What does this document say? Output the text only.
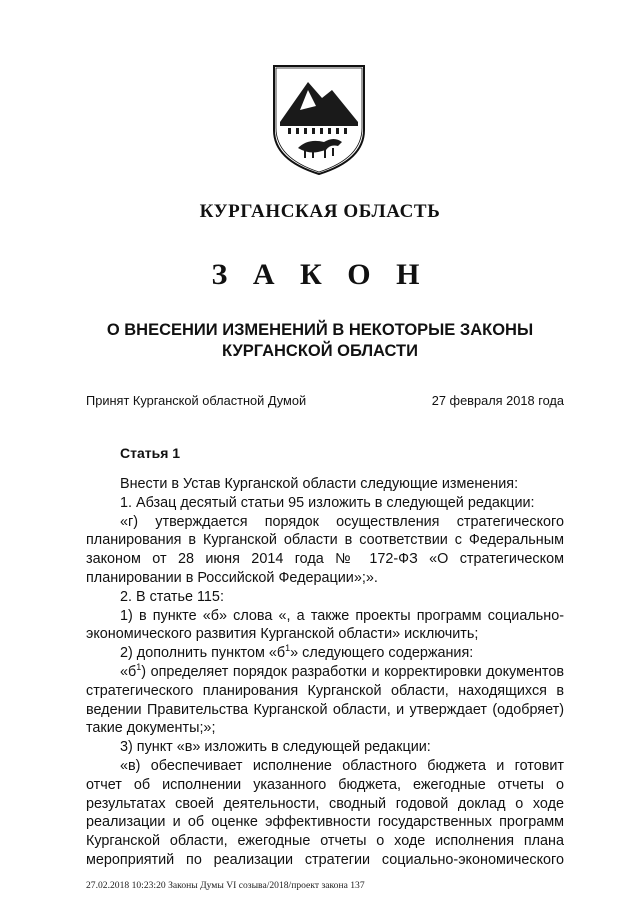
КУРГАНСКАЯ ОБЛАСТЬ
З А К О Н
О ВНЕСЕНИИ ИЗМЕНЕНИЙ В НЕКОТОРЫЕ ЗАКОНЫ КУРГАНСКОЙ ОБЛАСТИ
Принят Курганской областной Думой	27 февраля 2018 года
Статья 1

Внести в Устав Курганской области следующие изменения:

1. Абзац десятый статьи 95 изложить в следующей редакции:

«г) утверждается порядок осуществления стратегического планирования в Курганской области в соответствии с Федеральным законом от 28 июня 2014 года № 172-ФЗ «О стратегическом планировании в Российской Федерации»;».

2. В статье 115:

1) в пункте «б» слова «, а также проекты программ социально-экономического развития Курганской области» исключить;

2) дополнить пунктом «$б^1$» следующего содержания:

«$б^1$) определяет порядок разработки и корректировки документов стратегического планирования Курганской области, находящихся в ведении Правительства Курганской области, и утверждает (одобряет) такие документы;»;

3) пункт «в» изложить в следующей редакции:

«в) обеспечивает исполнение областного бюджета и готовит отчет об исполнении указанного бюджета, ежегодные отчеты о результатах своей деятельности, сводный годовой доклад о ходе реализации и об оценке эффективности государственных программ Курганской области, ежегодные отчеты о ходе исполнения плана мероприятий по реализации стратегии социально-экономического

27.02.2018 10:23:20 Законы Думы VI созыва/2018/проект закона 137
